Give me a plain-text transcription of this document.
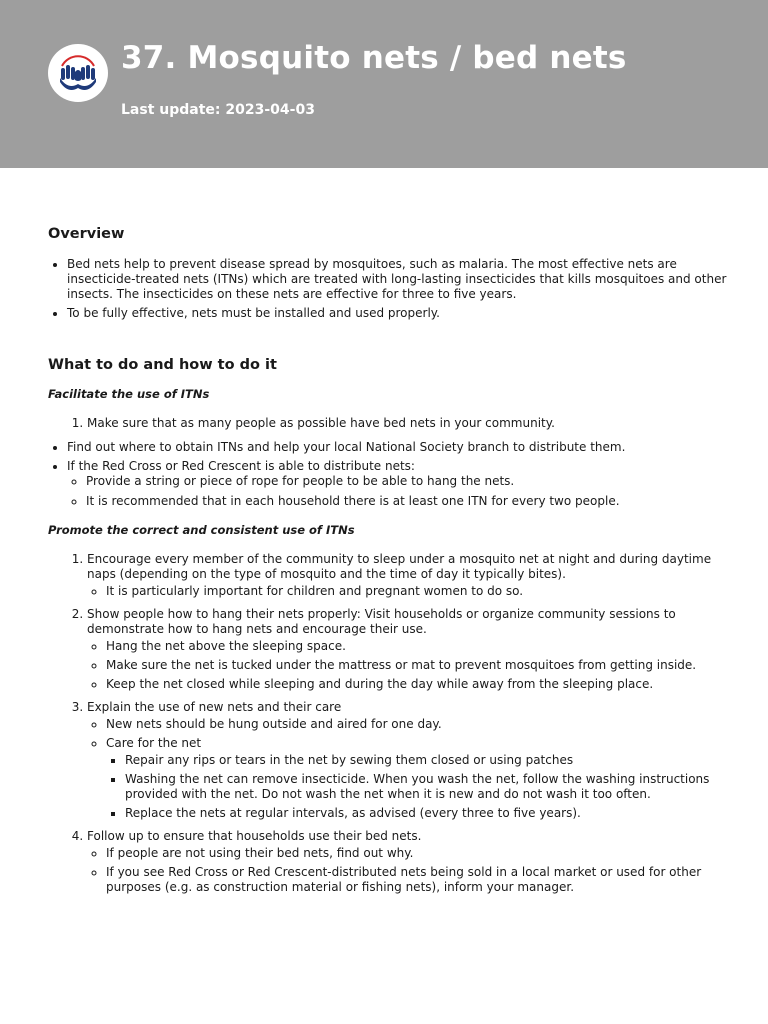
37. Mosquito nets / bed nets
Last update: 2023-04-03
Overview
• Bed nets help to prevent disease spread by mosquitoes, such as malaria. The most effective nets are insecticide-treated nets (ITNs) which are treated with long-lasting insecticides that kills mosquitoes and other insects. The insecticides on these nets are effective for three to five years.
• To be fully effective, nets must be installed and used properly.
What to do and how to do it
Facilitate the use of ITNs
1. Make sure that as many people as possible have bed nets in your community.
• Find out where to obtain ITNs and help your local National Society branch to distribute them.
• If the Red Cross or Red Crescent is able to distribute nets:
◦ Provide a string or piece of rope for people to be able to hang the nets.
◦ It is recommended that in each household there is at least one ITN for every two people.
Promote the correct and consistent use of ITNs
1. Encourage every member of the community to sleep under a mosquito net at night and during daytime naps (depending on the type of mosquito and the time of day it typically bites).
◦ It is particularly important for children and pregnant women to do so.
2. Show people how to hang their nets properly: Visit households or organize community sessions to demonstrate how to hang nets and encourage their use.
◦ Hang the net above the sleeping space.
◦ Make sure the net is tucked under the mattress or mat to prevent mosquitoes from getting inside.
◦ Keep the net closed while sleeping and during the day while away from the sleeping place.
3. Explain the use of new nets and their care
◦ New nets should be hung outside and aired for one day.
◦ Care for the net
▪ Repair any rips or tears in the net by sewing them closed or using patches
▪ Washing the net can remove insecticide. When you wash the net, follow the washing instructions provided with the net. Do not wash the net when it is new and do not wash it too often.
▪ Replace the nets at regular intervals, as advised (every three to five years).
4. Follow up to ensure that households use their bed nets.
◦ If people are not using their bed nets, find out why.
◦ If you see Red Cross or Red Crescent-distributed nets being sold in a local market or used for other purposes (e.g. as construction material or fishing nets), inform your manager.
